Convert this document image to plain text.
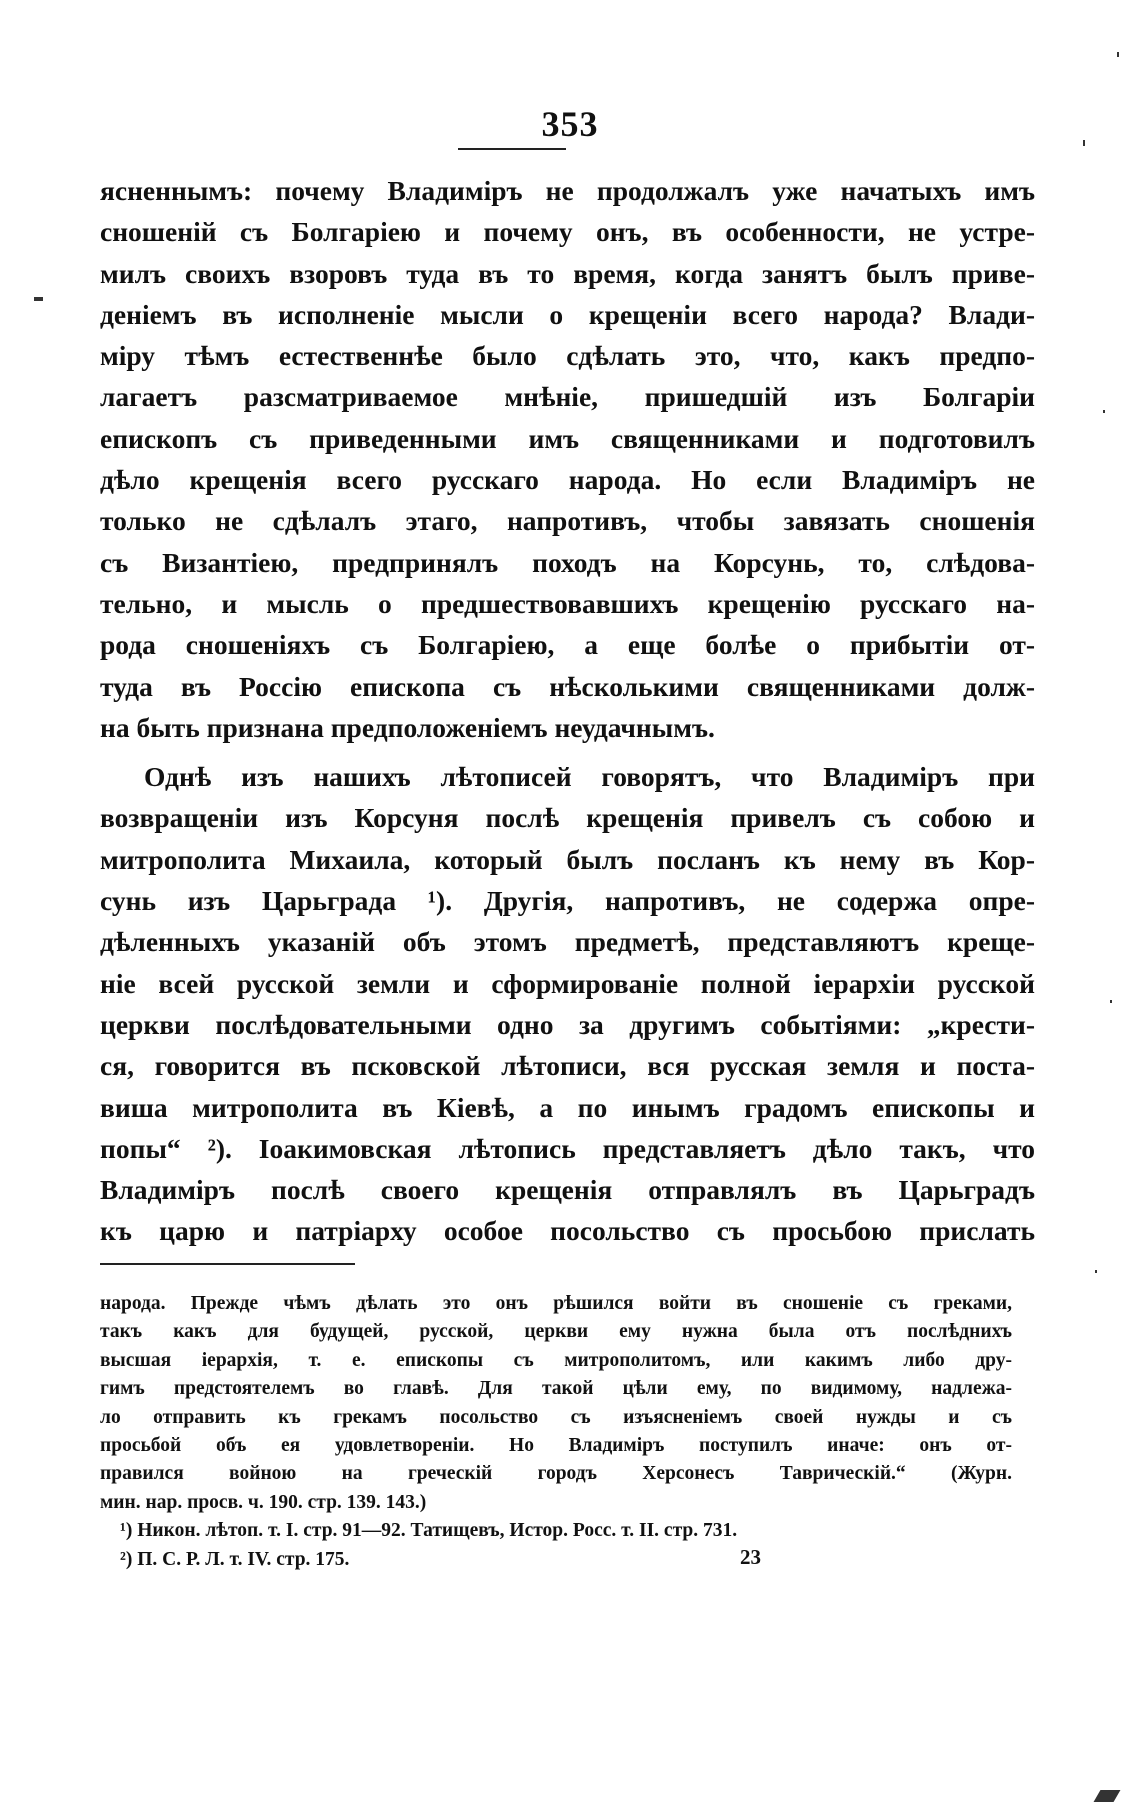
353
ясненнымъ: почему Владиміръ не продолжалъ уже начатыхъ имъ
сношеній съ Болгаріею и почему онъ, въ особенности, не устре-
милъ своихъ взоровъ туда въ то время, когда занятъ былъ приве-
деніемъ въ исполненіе мысли о крещеніи всего народа? Влади-
міру тѣмъ естественнѣе было сдѣлать это, что, какъ предпо-
лагаетъ разсматриваемое мнѣніе, пришедшій изъ Болгаріи
епископъ съ приведенными имъ священниками и подготовилъ
дѣло крещенія всего русскаго народа. Но если Владиміръ не
только не сдѣлалъ этаго, напротивъ, чтобы завязать сношенія
съ Византіею, предпринялъ походъ на Корсунь, то, слѣдова-
тельно, и мысль о предшествовавшихъ крещенію русскаго на-
рода сношеніяхъ съ Болгаріею, а еще болѣе о прибытіи от-
туда въ Россію епископа съ нѣсколькими священниками долж-
на быть признана предположеніемъ неудачнымъ.
Однѣ изъ нашихъ лѣтописей говорятъ, что Владиміръ при
возвращеніи изъ Корсуня послѣ крещенія привелъ съ собою и
митрополита Михаила, который былъ посланъ къ нему въ Кор-
сунь изъ Царьграда ¹). Другія, напротивъ, не содержа опре-
дѣленныхъ указаній объ этомъ предметѣ, представляютъ креще-
ніе всей русской земли и сформированіе полной іерархіи русской
церкви послѣдовательными одно за другимъ событіями: „крести-
ся, говорится въ псковской лѣтописи, вся русская земля и поста-
виша митрополита въ Кіевѣ, а по инымъ градомъ епископы и
попы“ ²). Іоакимовская лѣтопись представляетъ дѣло такъ, что
Владиміръ послѣ своего крещенія отправлялъ въ Царьградъ
къ царю и патріарху особое посольство съ просьбою прислать
народа. Прежде чѣмъ дѣлать это онъ рѣшился войти въ сношеніе съ греками,
такъ какъ для будущей, русской, церкви ему нужна была отъ послѣднихъ
высшая іерархія, т. е. епископы съ митрополитомъ, или какимъ либо дру-
гимъ предстоятелемъ во главѣ. Для такой цѣли ему, по видимому, надлежа-
ло отправить къ грекамъ посольство съ изъясненіемъ своей нужды и съ
просьбой объ ея удовлетвореніи. Но Владиміръ поступилъ иначе: онъ от-
правился войною на греческій городъ Херсонесъ Таврическій.“ (Журн.
мин. нар. просв. ч. 190. стр. 139. 143.)
¹) Никон. лѣтоп. т. І. стр. 91—92. Татищевъ, Истор. Росс. т. II. стр. 731.
²) П. С. Р. Л. т. IV. стр. 175.	23
